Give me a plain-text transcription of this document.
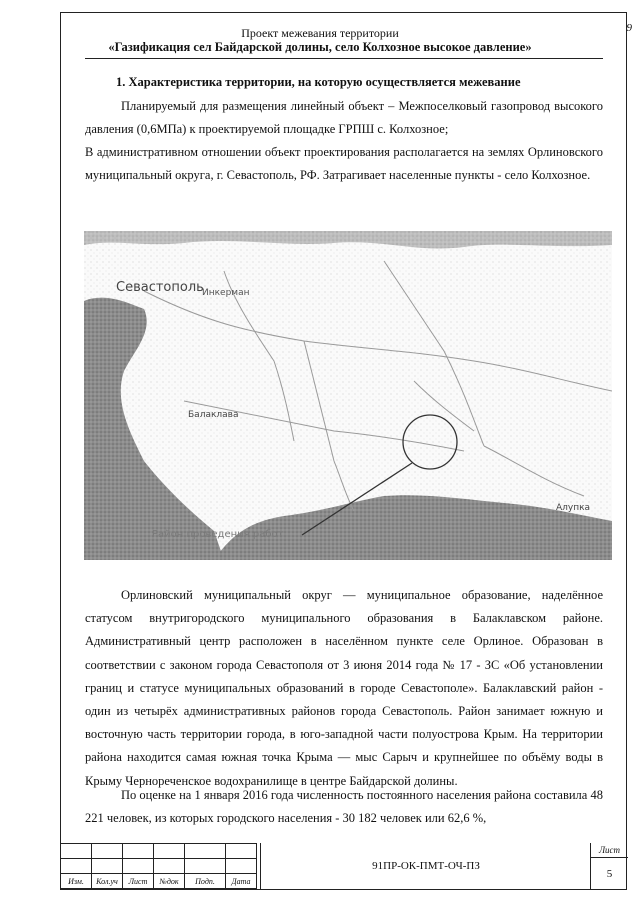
9
Проект межевания территории
«Газификация сел Байдарской долины, село Колхозное высокое давление»
1. Характеристика территории, на которую осуществляется межевание
Планируемый для размещения линейный объект – Межпоселковый газопровод высокого давления (0,6МПа) к проектируемой площадке ГРПШ с. Колхозное;
В административном отношении объект проектирования располагается на землях Орлиновского муниципальный округа, г. Севастополь, РФ. Затрагивает населенные пункты - село Колхозное.
Севастополь
Инкерман
Балаклава
Алупка
Район проведения работ
Орлиновский муниципальный округ — муниципальное образование, наделённое статусом внутригородского муниципального образования в Балаклавском районе. Административный центр расположен в населённом пункте селе Орлиное. Образован в соответствии с законом города Севастополя от 3 июня 2014 года № 17 - ЗС «Об установлении границ и статусе муниципальных образований в городе Севастополе». Балаклавский район - один из четырёх административных районов города Севастополь. Район занимает южную и восточную часть территории города, в юго-западной части полуострова Крым. На территории района находится самая южная точка Крыма — мыс Сарыч и крупнейшее по объёму воды в Крыму Чернореченское водохранилище в центре Байдарской долины.
По оценке на 1 января 2016 года численность постоянного населения района составила 48 221 человек, из которых городского населения - 30 182 человек или 62,6 %,

Изм.	Кол.уч	Лист	№док	Подп.	Дата
91ПР-ОК-ПМТ-ОЧ-ПЗ
Лист
5
